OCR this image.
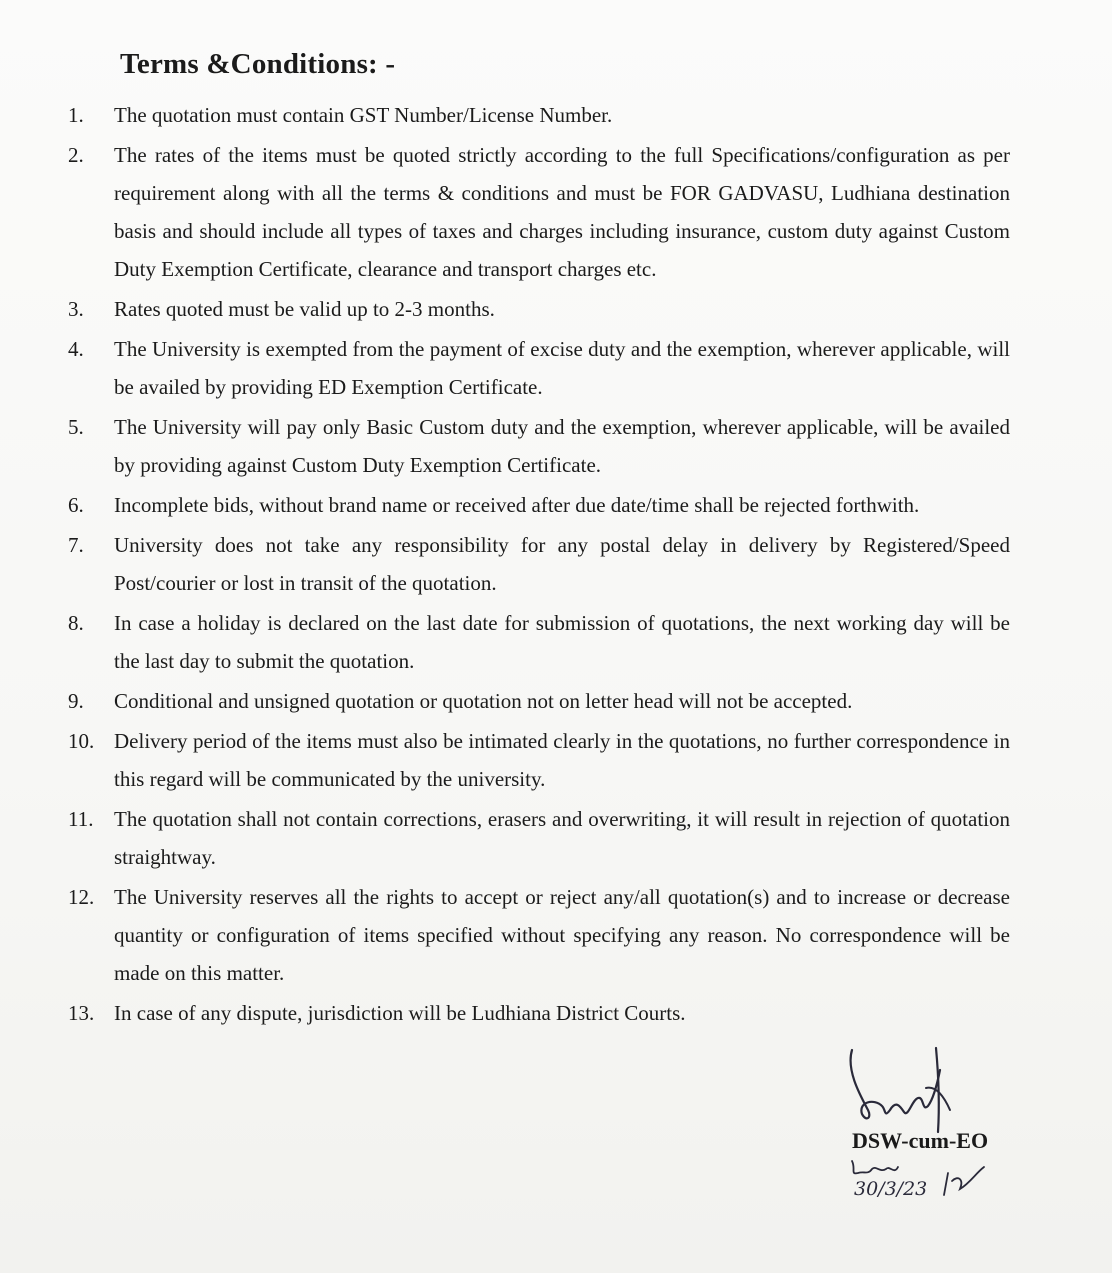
Terms &Conditions: -
1.	The quotation must contain GST Number/License Number.
2.	The rates of the items must be quoted strictly according to the full Specifications/configuration as per requirement along with all the terms & conditions and must be FOR GADVASU, Ludhiana destination basis and should include all types of taxes and charges including insurance, custom duty against Custom Duty Exemption Certificate, clearance and transport charges etc.
3.	Rates quoted must be valid up to 2-3 months.
4.	The University is exempted from the payment of excise duty and the exemption, wherever applicable, will be availed by providing ED Exemption Certificate.
5.	The University will pay only Basic Custom duty and the exemption, wherever applicable, will be availed by providing against Custom Duty Exemption Certificate.
6.	Incomplete bids, without brand name or received after due date/time shall be rejected forthwith.
7.	University does not take any responsibility for any postal delay in delivery by Registered/Speed Post/courier or lost in transit of the quotation.
8.	In case a holiday is declared on the last date for submission of quotations, the next working day will be the last day to submit the quotation.
9.	Conditional and unsigned quotation or quotation not on letter head will not be accepted.
10. Delivery period of the items must also be intimated clearly in the quotations, no further correspondence in this regard will be communicated by the university.
11. The quotation shall not contain corrections, erasers and overwriting, it will result in rejection of quotation straightway.
12. The University reserves all the rights to accept or reject any/all quotation(s) and to increase or decrease quantity or configuration of items specified without specifying any reason. No correspondence will be made on this matter.
13. In case of any dispute, jurisdiction will be Ludhiana District Courts.
DSW-cum-EO
30/3/23
